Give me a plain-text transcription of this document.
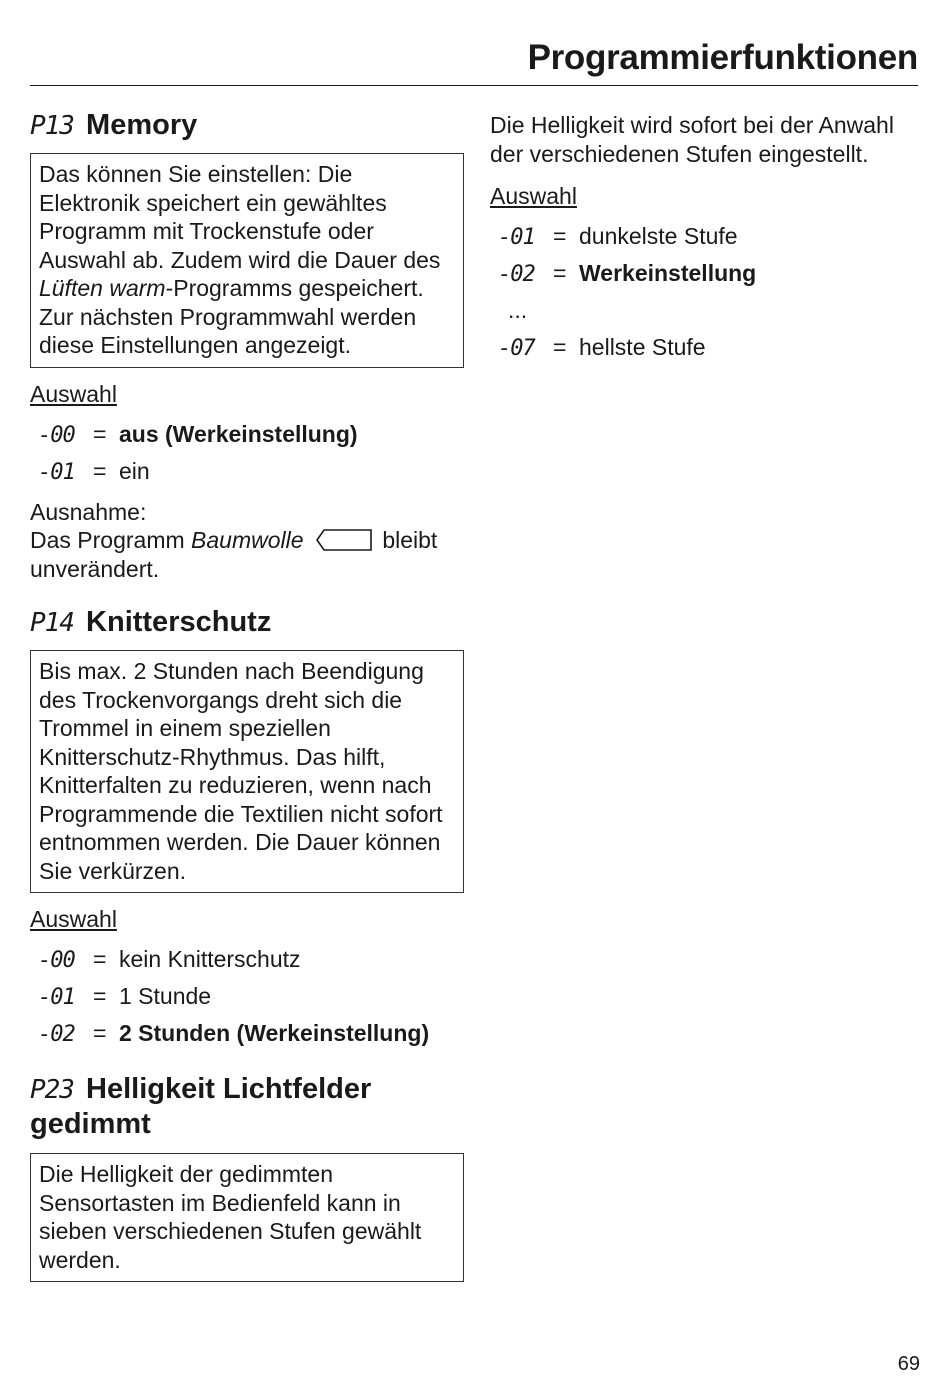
Programmierfunktionen
P13 Memory
Das können Sie einstellen: Die Elektronik speichert ein gewähltes Programm mit Trockenstufe oder Auswahl ab. Zudem wird die Dauer des Lüften warm-Programms gespeichert. Zur nächsten Programmwahl werden diese Einstellungen angezeigt.
Auswahl
-00 = aus (Werkeinstellung)
-01 = ein
Ausnahme:
Das Programm Baumwolle	bleibt unverändert.
P14 Knitterschutz
Bis max. 2 Stunden nach Beendigung des Trockenvorgangs dreht sich die Trommel in einem speziellen Knitterschutz-Rhythmus. Das hilft, Knitterfalten zu reduzieren, wenn nach Programmende die Textilien nicht sofort entnommen werden. Die Dauer können Sie verkürzen.
Auswahl
-00 = kein Knitterschutz
-01 = 1 Stunde
-02 = 2 Stunden (Werkeinstellung)
P23 Helligkeit Lichtfelder gedimmt
Die Helligkeit der gedimmten Sensortasten im Bedienfeld kann in sieben verschiedenen Stufen gewählt werden.
Die Helligkeit wird sofort bei der Anwahl der verschiedenen Stufen eingestellt.
Auswahl
-01 = dunkelste Stufe
-02 = Werkeinstellung
...
-07 = hellste Stufe
69
